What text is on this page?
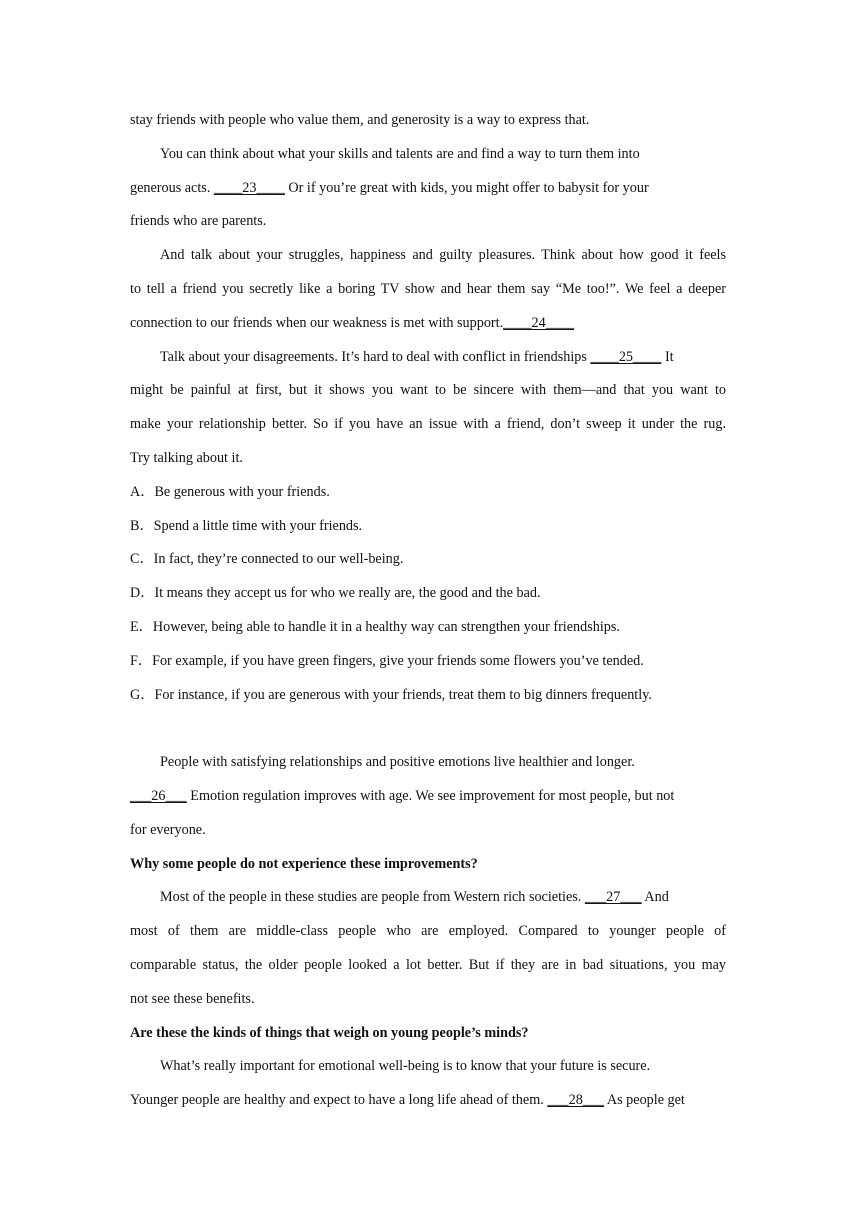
stay friends with people who value them, and generosity is a way to express that.
You can think about what your skills and talents are and find a way to turn them into
generous acts. ____23____ Or if you’re great with kids, you might offer to babysit for your
friends who are parents.
And talk about your struggles, happiness and guilty pleasures. Think about how good it feels
to tell a friend you secretly like a boring TV show and hear them say “Me too!”. We feel a deeper
connection to our friends when our weakness is met with support.____24____
Talk about your disagreements. It’s hard to deal with conflict in friendships ____25____ It
might be painful at first, but it shows you want to be sincere with them—and that you want to
make your relationship better. So if you have an issue with a friend, don’t sweep it under the rug.
Try talking about it.
A．Be generous with your friends.
B．Spend a little time with your friends.
C．In fact, they’re connected to our well-being.
D．It means they accept us for who we really are, the good and the bad.
E．However, being able to handle it in a healthy way can strengthen your friendships.
F．For example, if you have green fingers, give your friends some flowers you’ve tended.
G．For instance, if you are generous with your friends, treat them to big dinners frequently.
People with satisfying relationships and positive emotions live healthier and longer.
___26___ Emotion regulation improves with age. We see improvement for most people, but not
for everyone.
Why some people do not experience these improvements?
Most of the people in these studies are people from Western rich societies. ___27___ And
most of them are middle-class people who are employed. Compared to younger people of
comparable status, the older people looked a lot better. But if they are in bad situations, you may
not see these benefits.
Are these the kinds of things that weigh on young people’s minds?
What’s really important for emotional well-being is to know that your future is secure.
Younger people are healthy and expect to have a long life ahead of them. ___28___ As people get
